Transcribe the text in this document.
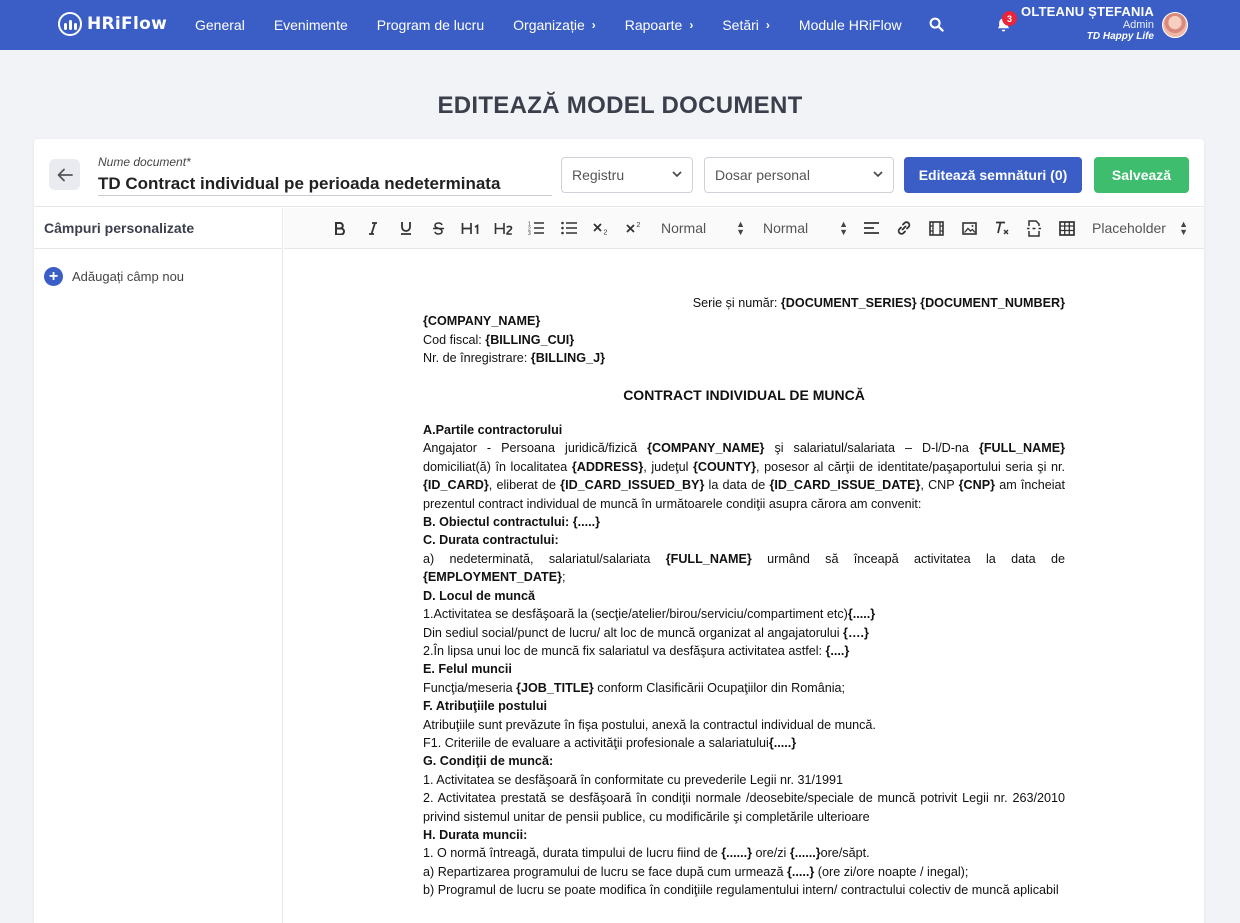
HRiFlow General Evenimente Program de lucru Organizație › Rapoarte › Setări › Module HRiFlow	3 OLTEANU ȘTEFANIA
Admin
TD Happy Life
EDITEAZĂ MODEL DOCUMENT
Nume document*
TD Contract individual pe perioada nedeterminata
Registru	Dosar personal	Editează semnături (0)	Salvează
Câmpuri personalizate
+	Adăugați câmp nou
1
2
3	2
2 Normal	▲
▼ Normal	▲
▼	Placeholder ▲
▼

Serie și număr: {DOCUMENT_SERIES} {DOCUMENT_NUMBER}

{COMPANY_NAME}

Cod fiscal: {BILLING_CUI}

Nr. de înregistrare: {BILLING_J}

CONTRACT INDIVIDUAL DE MUNCĂ

A.Partile contractorului

Angajator - Persoana juridică/fizică {COMPANY_NAME} şi salariatul/salariata – D-l/D-na {FULL_NAME} domiciliat(ă) în localitatea {ADDRESS}, judeţul {COUNTY}, posesor al cărţii de identitate/paşaportului seria şi nr. {ID_CARD}, eliberat de {ID_CARD_ISSUED_BY} la data de {ID_CARD_ISSUE_DATE}, CNP {CNP} am încheiat prezentul contract individual de muncă în următoarele condiţii asupra cărora am convenit:

B. Obiectul contractului: {.....}

C. Durata contractului:

a) nedeterminată, salariatul/salariata {FULL_NAME} urmând să înceapă activitatea la data de {EMPLOYMENT_DATE};

D. Locul de muncă

1.Activitatea se desfăşoară la (secţie/atelier/birou/serviciu/compartiment etc){.....}

Din sediul social/punct de lucru/ alt loc de muncă organizat al angajatorului {….}

2.În lipsa unui loc de muncă fix salariatul va desfăşura activitatea astfel: {....}

E. Felul muncii

Funcţia/meseria {JOB_TITLE} conform Clasificării Ocupaţiilor din România;

F. Atribuţiile postului

Atribuţiile sunt prevăzute în fişa postului, anexă la contractul individual de muncă.

F1. Criteriile de evaluare a activităţii profesionale a salariatului{.....}

G. Condiţii de muncă:

1. Activitatea se desfăşoară în conformitate cu prevederile Legii nr. 31/1991

2. Activitatea prestată se desfăşoară în condiţii normale /deosebite/speciale de muncă potrivit Legii nr. 263/2010 privind sistemul unitar de pensii publice, cu modificările şi completările ulterioare

H. Durata muncii:

1. O normă întreagă, durata timpului de lucru fiind de {......} ore/zi {......}ore/săpt.

a) Repartizarea programului de lucru se face după cum urmează {.....} (ore zi/ore noapte / inegal);

b) Programul de lucru se poate modifica în condiţiile regulamentului intern/ contractului colectiv de muncă aplicabil
